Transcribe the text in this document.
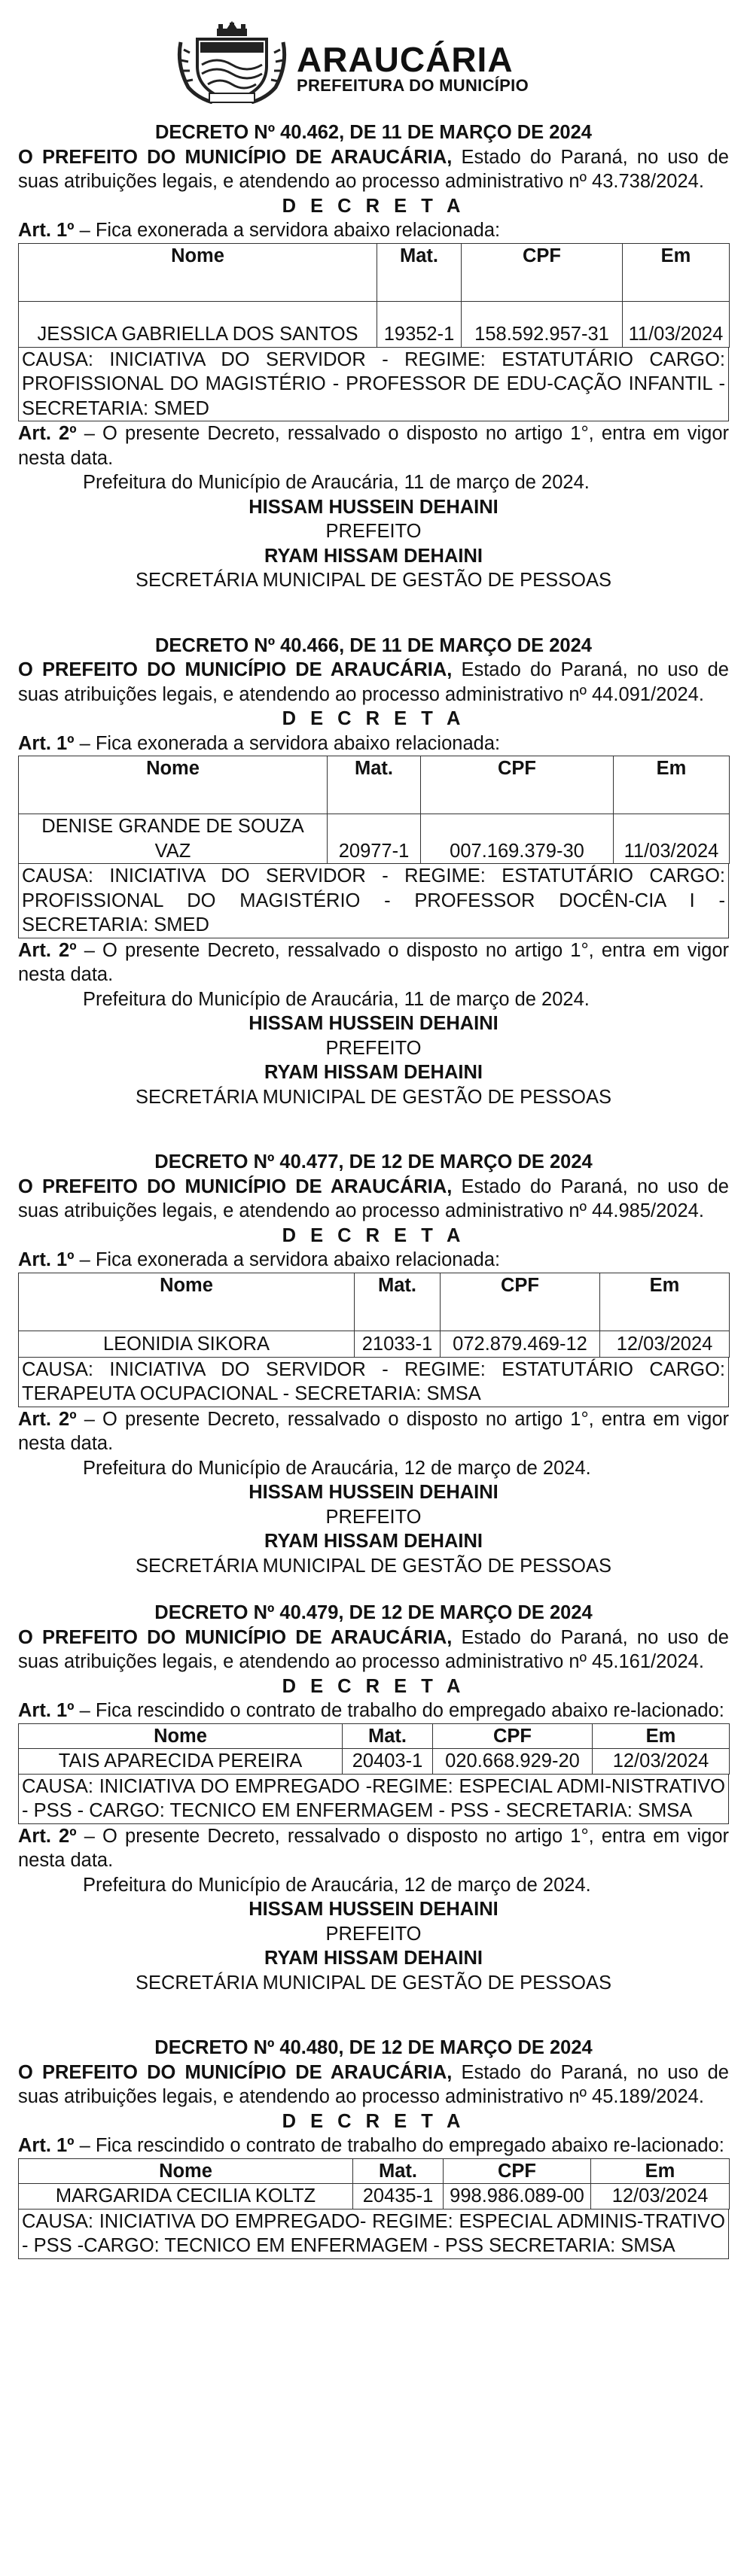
ARAUCÁRIA
PREFEITURA DO MUNICÍPIO
DECRETO Nº 40.462, DE 11 DE MARÇO DE 2024
O PREFEITO DO MUNICÍPIO DE ARAUCÁRIA, Estado do Paraná, no uso de suas atribuições legais, e atendendo ao processo administrativo nº 43.738/2024.
D E C R E T A
Art. 1º – Fica exonerada a servidora abaixo relacionada:
Nome	Mat.	CPF	Em
JESSICA GABRIELLA DOS SANTOS	19352-1	158.592.957-31	11/03/2024
CAUSA: INICIATIVA DO SERVIDOR - REGIME: ESTATUTÁRIO CARGO: PROFISSIONAL DO MAGISTÉRIO - PROFESSOR DE EDU-CAÇÃO INFANTIL - SECRETARIA: SMED
Art. 2º – O presente Decreto, ressalvado o disposto no artigo 1°, entra em vigor nesta data.
Prefeitura do Município de Araucária, 11 de março de 2024.
HISSAM HUSSEIN DEHAINI
PREFEITO
RYAM HISSAM DEHAINI
SECRETÁRIA MUNICIPAL DE GESTÃO DE PESSOAS
DECRETO Nº 40.466, DE 11 DE MARÇO DE 2024
O PREFEITO DO MUNICÍPIO DE ARAUCÁRIA, Estado do Paraná, no uso de suas atribuições legais, e atendendo ao processo administrativo nº 44.091/2024.
D E C R E T A
Art. 1º – Fica exonerada a servidora abaixo relacionada:
Nome	Mat.	CPF	Em
DENISE GRANDE DE SOUZA VAZ	20977-1	007.169.379-30	11/03/2024
CAUSA: INICIATIVA DO SERVIDOR - REGIME: ESTATUTÁRIO CARGO: PROFISSIONAL DO MAGISTÉRIO - PROFESSOR DOCÊN-CIA I - SECRETARIA: SMED
Art. 2º – O presente Decreto, ressalvado o disposto no artigo 1°, entra em vigor nesta data.
Prefeitura do Município de Araucária, 11 de março de 2024.
HISSAM HUSSEIN DEHAINI
PREFEITO
RYAM HISSAM DEHAINI
SECRETÁRIA MUNICIPAL DE GESTÃO DE PESSOAS
DECRETO Nº 40.477, DE 12 DE MARÇO DE 2024
O PREFEITO DO MUNICÍPIO DE ARAUCÁRIA, Estado do Paraná, no uso de suas atribuições legais, e atendendo ao processo administrativo nº 44.985/2024.
D E C R E T A
Art. 1º – Fica exonerada a servidora abaixo relacionada:
Nome	Mat.	CPF	Em
LEONIDIA SIKORA	21033-1	072.879.469-12	12/03/2024
CAUSA: INICIATIVA DO SERVIDOR - REGIME: ESTATUTÁRIO CARGO: TERAPEUTA OCUPACIONAL - SECRETARIA: SMSA
Art. 2º – O presente Decreto, ressalvado o disposto no artigo 1°, entra em vigor nesta data.
Prefeitura do Município de Araucária, 12 de março de 2024.
HISSAM HUSSEIN DEHAINI
PREFEITO
RYAM HISSAM DEHAINI
SECRETÁRIA MUNICIPAL DE GESTÃO DE PESSOAS
DECRETO Nº 40.479, DE 12 DE MARÇO DE 2024
O PREFEITO DO MUNICÍPIO DE ARAUCÁRIA, Estado do Paraná, no uso de suas atribuições legais, e atendendo ao processo administrativo nº 45.161/2024.
D E C R E T A
Art. 1º – Fica rescindido o contrato de trabalho do empregado abaixo re-lacionado:
Nome	Mat.	CPF	Em
TAIS APARECIDA PEREIRA	20403-1	020.668.929-20	12/03/2024
CAUSA: INICIATIVA DO EMPREGADO -REGIME: ESPECIAL ADMI-NISTRATIVO - PSS - CARGO: TECNICO EM ENFERMAGEM - PSS - SECRETARIA: SMSA
Art. 2º – O presente Decreto, ressalvado o disposto no artigo 1°, entra em vigor nesta data.
Prefeitura do Município de Araucária, 12 de março de 2024.
HISSAM HUSSEIN DEHAINI
PREFEITO
RYAM HISSAM DEHAINI
SECRETÁRIA MUNICIPAL DE GESTÃO DE PESSOAS
DECRETO Nº 40.480, DE 12 DE MARÇO DE 2024
O PREFEITO DO MUNICÍPIO DE ARAUCÁRIA, Estado do Paraná, no uso de suas atribuições legais, e atendendo ao processo administrativo nº 45.189/2024.
D E C R E T A
Art. 1º – Fica rescindido o contrato de trabalho do empregado abaixo re-lacionado:
Nome	Mat.	CPF	Em
MARGARIDA CECILIA KOLTZ	20435-1	998.986.089-00	12/03/2024
CAUSA: INICIATIVA DO EMPREGADO- REGIME: ESPECIAL ADMINIS-TRATIVO - PSS -CARGO: TECNICO EM ENFERMAGEM - PSS SECRETARIA: SMSA
